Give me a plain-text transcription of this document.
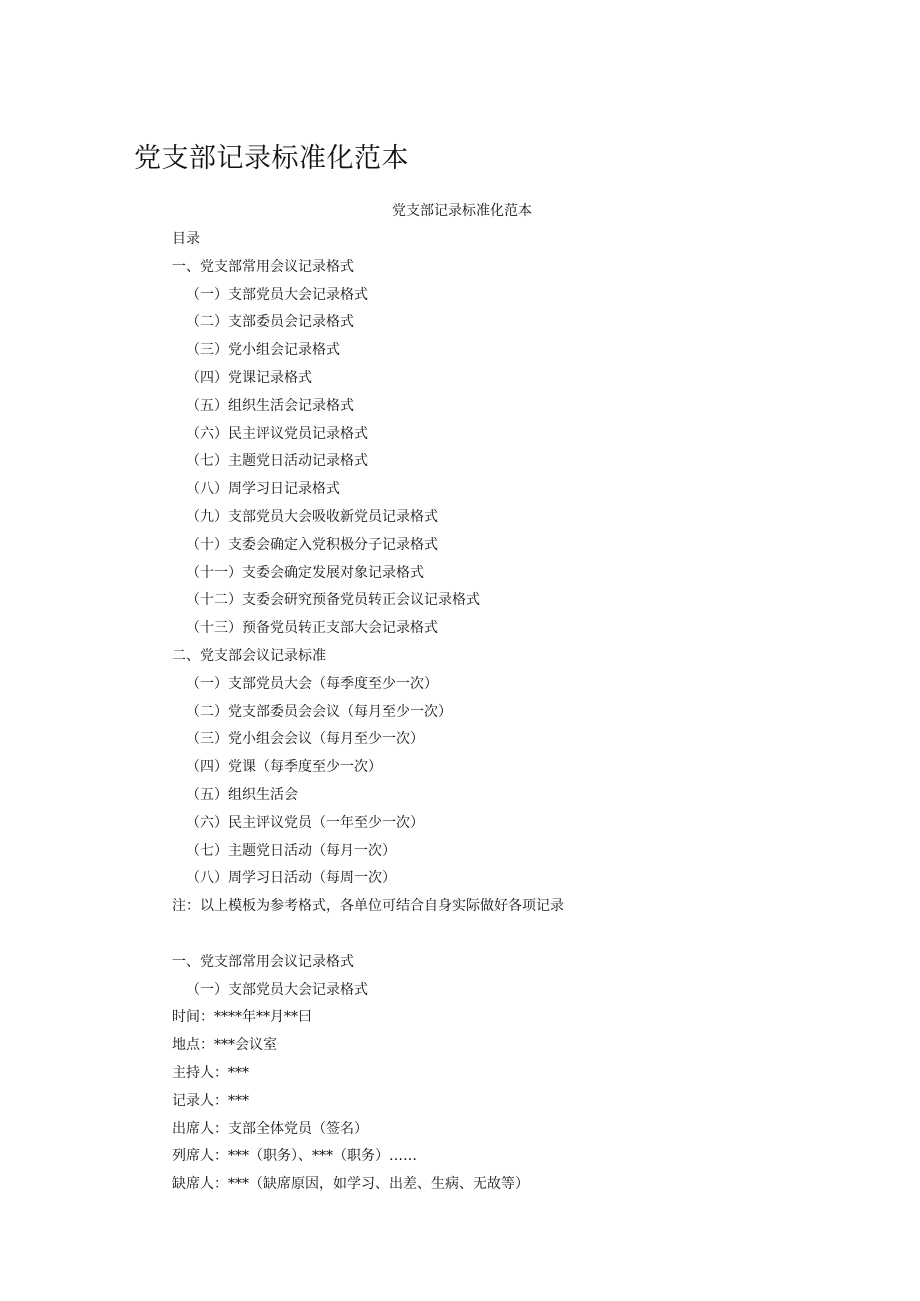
党支部记录标准化范本
党支部记录标准化范本
目录
一、党支部常用会议记录格式
（一）支部党员大会记录格式
（二）支部委员会记录格式
（三）党小组会记录格式
（四）党课记录格式
（五）组织生活会记录格式
（六）民主评议党员记录格式
（七）主题党日活动记录格式
（八）周学习日记录格式
（九）支部党员大会吸收新党员记录格式
（十）支委会确定入党积极分子记录格式
（十一）支委会确定发展对象记录格式
（十二）支委会研究预备党员转正会议记录格式
（十三）预备党员转正支部大会记录格式
二、党支部会议记录标准
（一）支部党员大会（每季度至少一次）
（二）党支部委员会会议（每月至少一次）
（三）党小组会会议（每月至少一次）
（四）党课（每季度至少一次）
（五）组织生活会
（六）民主评议党员（一年至少一次）
（七）主题党日活动（每月一次）
（八）周学习日活动（每周一次）
注：以上模板为参考格式，各单位可结合自身实际做好各项记录
一、党支部常用会议记录格式
（一）支部党员大会记录格式
时间：****年**月**曰
地点：***会议室
主持人：***
记录人：***
出席人：支部全体党员（签名）
列席人：***（职务）、***（职务）……
缺席人：***（缺席原因，如学习、出差、生病、无故等）
